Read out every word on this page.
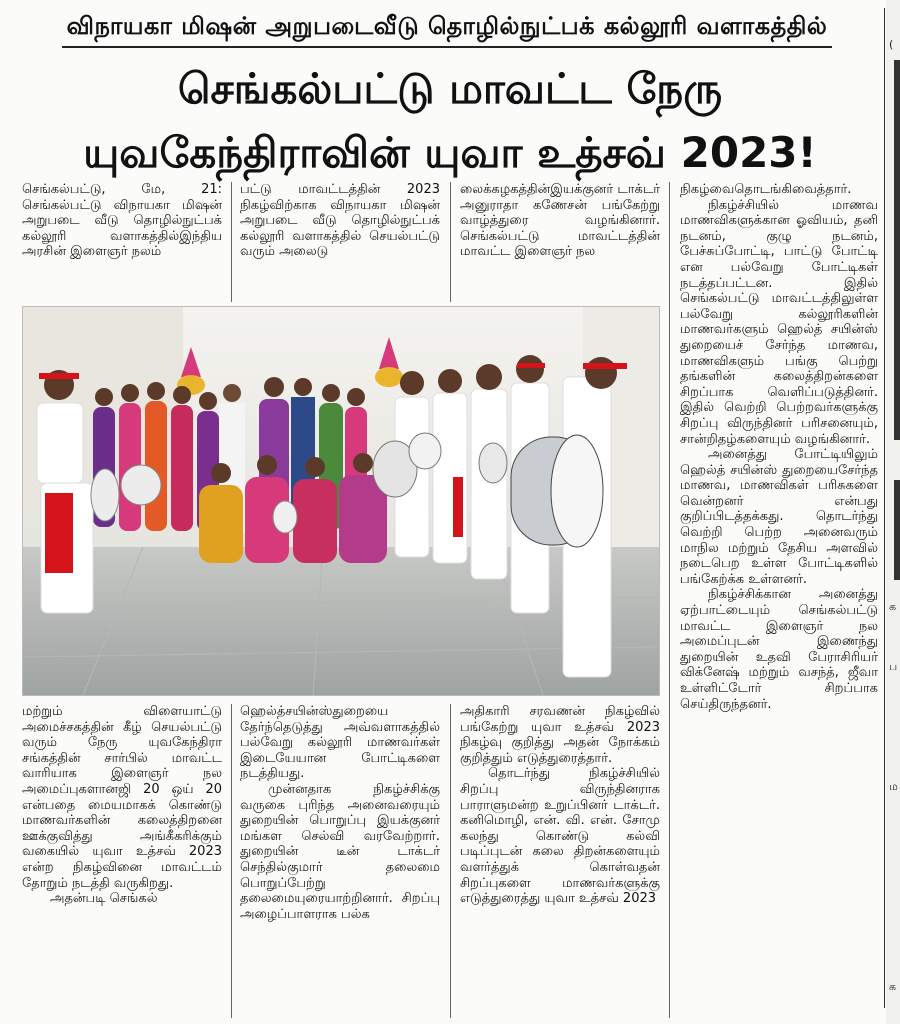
விநாயகா மிஷன் அறுபடைவீடு தொழில்நுட்பக் கல்லூரி வளாகத்தில்
செங்கல்பட்டு மாவட்ட நேரு
யுவகேந்திராவின் யுவா உத்சவ் 2023!

செங்கல்பட்டு, மே, 21: செங்கல்பட்டு விநாயகா மிஷன் அறுபடை வீடு தொழில்நுட்பக் கல்லூரி வளாகத்தில்இந்திய அரசின் இளைஞர் நலம்

பட்டு மாவட்டத்தின் 2023 நிகழ்விற்காக விநாயகா மிஷன் அறுபடை வீடு தொழில்நுட்பக் கல்லூரி வளாகத்தில் செயல்பட்டு வரும் அலைடு

லைக்கழகத்தின்இயக்குனர் டாக்டர் அனுராதா கணேசன் பங்கேற்று வாழ்த்துரை வழங்கினார். செங்கல்பட்டு மாவட்டத்தின் மாவட்ட இளைஞர் நல

நிகழ்வைதொடங்கிவைத்தார்.

நிகழ்ச்சியில் மாணவ மாணவிகளுக்கான ஓவியம், தனி நடனம், குழு நடனம், பேச்சுப்போட்டி, பாட்டு போட்டி என பல்வேறு போட்டிகள் நடத்தப்பட்டன. இதில் செங்கல்பட்டு மாவட்டத்திலுள்ள பல்வேறு கல்லூரிகளின் மாணவர்களும் ஹெல்த் சயின்ஸ் துறையைச் சேர்ந்த மாணவ, மாணவிகளும் பங்கு பெற்று தங்களின் கலைத்திறன்களை சிறப்பாக வெளிப்படுத்தினர். இதில் வெற்றி பெற்றவர்களுக்கு சிறப்பு விருந்தினர் பரிசனையும், சான்றிதழ்களையும் வழங்கினார்.

அனைத்து போட்டியிலும் ஹெல்த் சயின்ஸ் துறையைசேர்ந்த மாணவ, மாணவிகள் பரிசுகளை வென்றனர் என்பது குறிப்பிடத்தக்கது. தொடர்ந்து வெற்றி பெற்ற அனைவரும் மாநில மற்றும் தேசிய அளவில் நடைபெற உள்ள போட்டிகளில் பங்கேற்க்க உள்ளனர்.

நிகழ்ச்சிக்கான அனைத்து ஏற்பாட்டையும் செங்கல்பட்டு மாவட்ட இளைஞர் நல அமைப்புடன் இணைந்து துறையின் உதவி பேராசிரியர் விக்னேஷ் மற்றும் வசந்த், ஜீவா உள்ளிட்டோர் சிறப்பாக செய்திருந்தனர்.

மற்றும் விளையாட்டு அமைச்சகத்தின் கீழ் செயல்பட்டு வரும் நேரு யுவகேந்திரா சங்கத்தின் சார்பில் மாவட்ட வாரியாக இளைஞர் நல அமைப்புகளானஜி 20 ஒய் 20 என்பதை மையமாகக் கொண்டு மாணவர்களின் கலைத்திறனை ஊக்குவித்து அங்கீகரிக்கும் வகையில் யுவா உத்சவ் 2023 என்ற நிகழ்வினை மாவட்டம் தோறும் நடத்தி வருகிறது.

அதன்படி செங்கல்

ஹெல்த்சயின்ஸ்துறையை தேர்ந்தெடுத்து அவ்வளாகத்தில் பல்வேறு கல்லூரி மாணவர்கள் இடையேயான போட்டிகளை நடத்தியது.

முன்னதாக நிகழ்ச்சிக்கு வருகை புரிந்த அனைவரையும் துறையின் பொறுப்பு இயக்குனர் மங்கள செல்வி வரவேற்றார். துறையின் டீன் டாக்டர் செந்தில்குமார் தலைமை பொறுப்பேற்று தலைமையுரையாற்றினார். சிறப்பு அழைப்பாளராக பல்க

அதிகாரி சரவணன் நிகழ்வில் பங்கேற்று யுவா உத்சவ் 2023 நிகழ்வு குறித்து அதன் நோக்கம் குறித்தும் எடுத்துரைத்தார்.

தொடர்ந்து நிகழ்ச்சியில் சிறப்பு விருந்தினராக பாராளுமன்ற உறுப்பினர் டாக்டர். கனிமொழி, என். வி. என். சோமு கலந்து கொண்டு கல்வி படிப்புடன் கலை திறன்களையும் வளர்த்துக் கொள்வதன் சிறப்புகளை மாணவர்களுக்கு எடுத்துரைத்து யுவா உத்சவ் 2023

(
க
ப
ம
க
